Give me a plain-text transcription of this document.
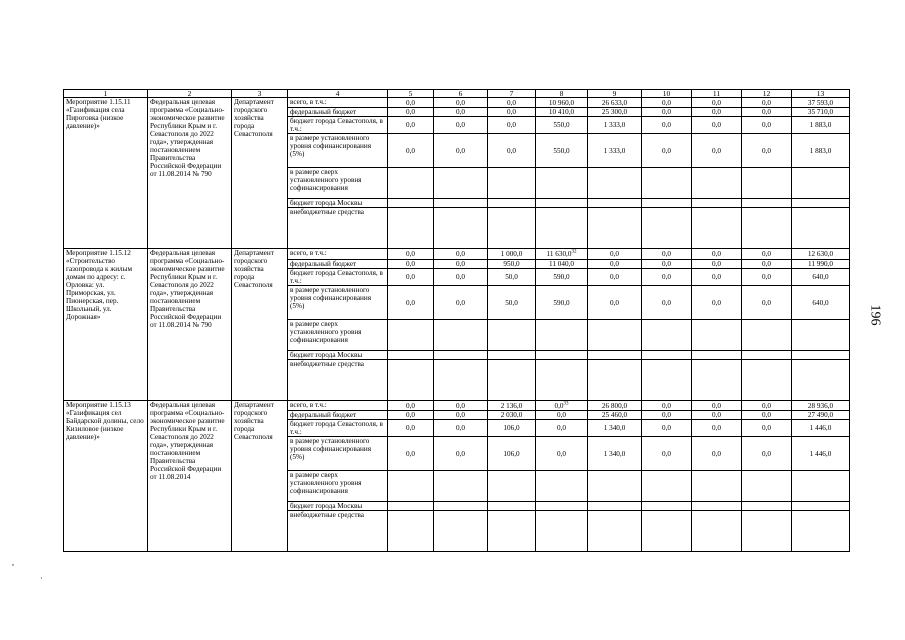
1	2	3	4	5	6	7	8	9	10	11	12	13
Мероприятие 1.15.11 «Газификация села Пироговка (низкое давление)»	Федеральная целевая программа «Социально-экономическое развитие Республики Крым и г. Севастополя до 2022 года», утвержденная постановлением Правительства Российской Федерации от 11.08.2014 № 790	Департамент городского хозяйства города Севастополя	всего, в т.ч.:	0,0	0,0	0,0	10 960,0	26 633,0	0,0	0,0	0,0	37 593,0
			федеральный бюджет	0,0	0,0	0,0	10 410,0	25 300,0	0,0	0,0	0,0	35 710,0
			бюджет города Севастополя, в т.ч.:	0,0	0,0	0,0	550,0	1 333,0	0,0	0,0	0,0	1 883,0
			в размере установленного уровня софинансирования (5%)	0,0	0,0	0,0	550,0	1 333,0	0,0	0,0	0,0	1 883,0
			в размере сверх установленного уровня софинансирования									
			бюджет города Москвы									
			внебюджетные средства									
Мероприятие 1.15.12 «Строительство газопровода к жилым домам по адресу: с. Орловка: ул. Приморская, ул. Пионерская, пер. Школьный, ул. Дорожная»	Федеральная целевая программа «Социально-экономическое развитие Республики Крым и г. Севастополя до 2022 года», утвержденная постановлением Правительства Российской Федерации от 11.08.2014 № 790	Департамент городского хозяйства города Севастополя	всего, в т.ч.:	0,0	0,0	1 000,0	11 630,0$^{32}$	0,0	0,0	0,0	0,0	12 630,0
			федеральный бюджет	0,0	0,0	950,0	11 040,0	0,0	0,0	0,0	0,0	11 990,0
			бюджет города Севастополя, в т.ч.:	0,0	0,0	50,0	590,0	0,0	0,0	0,0	0,0	640,0
			в размере установленного уровня софинансирования (5%)	0,0	0,0	50,0	590,0	0,0	0,0	0,0	0,0	640,0
			в размере сверх установленного уровня софинансирования									
			бюджет города Москвы									
			внебюджетные средства									
Мероприятие 1.15.13 «Газификация сел Байдарской долины, село Кизиловое (низкое давление)»	Федеральная целевая программа «Социально-экономическое развитие Республики Крым и г. Севастополя до 2022 года», утвержденная постановлением Правительства Российской Федерации от 11.08.2014	Департамент городского хозяйства города Севастополя	всего, в т.ч.:	0,0	0,0	2 136,0	$0,0^{33}$	26 800,0	0,0	0,0	0,0	28 936,0
			федеральный бюджет	0,0	0,0	2 030,0	0,0	25 460,0	0,0	0,0	0,0	27 490,0
			бюджет города Севастополя, в т.ч.:	0,0	0,0	106,0	0,0	1 340,0	0,0	0,0	0,0	1 446,0
			в размере установленного уровня софинансирования (5%)	0,0	0,0	106,0	0,0	1 340,0	0,0	0,0	0,0	1 446,0
			в размере сверх установленного уровня софинансирования									
			бюджет города Москвы									
			внебюджетные средства									
196
,
·
